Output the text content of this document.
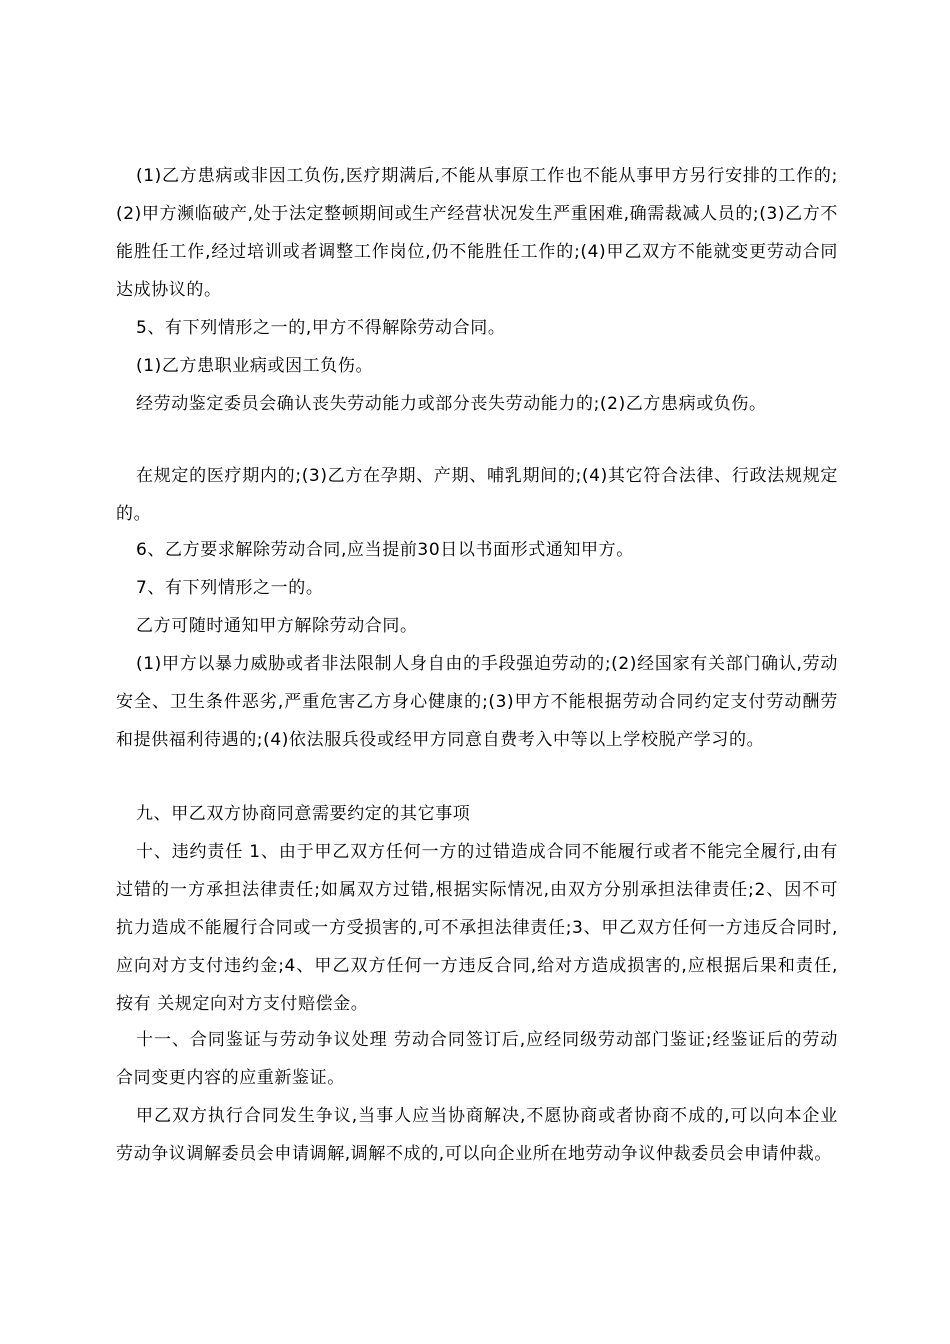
(1)乙方患病或非因工负伤,医疗期满后,不能从事原工作也不能从事甲方另行安排的工作的;(2)甲方濒临破产,处于法定整顿期间或生产经营状况发生严重困难,确需裁减人员的;(3)乙方不能胜任工作,经过培训或者调整工作岗位,仍不能胜任工作的;(4)甲乙双方不能就变更劳动合同达成协议的。

5、有下列情形之一的,甲方不得解除劳动合同。

(1)乙方患职业病或因工负伤。

经劳动鉴定委员会确认丧失劳动能力或部分丧失劳动能力的;(2)乙方患病或负伤。

在规定的医疗期内的;(3)乙方在孕期、产期、哺乳期间的;(4)其它符合法律、行政法规规定的。

6、乙方要求解除劳动合同,应当提前30日以书面形式通知甲方。

7、有下列情形之一的。

乙方可随时通知甲方解除劳动合同。

(1)甲方以暴力威胁或者非法限制人身自由的手段强迫劳动的;(2)经国家有关部门确认,劳动安全、卫生条件恶劣,严重危害乙方身心健康的;(3)甲方不能根据劳动合同约定支付劳动酬劳和提供福利待遇的;(4)依法服兵役或经甲方同意自费考入中等以上学校脱产学习的。

九、甲乙双方协商同意需要约定的其它事项

十、违约责任 1、由于甲乙双方任何一方的过错造成合同不能履行或者不能完全履行,由有 过错的一方承担法律责任;如属双方过错,根据实际情况,由双方分别承担法律责任;2、因不可抗力造成不能履行合同或一方受损害的,可不承担法律责任;3、甲乙双方任何一方违反合同时,应向对方支付违约金;4、甲乙双方任何一方违反合同,给对方造成损害的,应根据后果和责任,按有 关规定向对方支付赔偿金。

十一、合同鉴证与劳动争议处理 劳动合同签订后,应经同级劳动部门鉴证;经鉴证后的劳动合同变更内容的应重新鉴证。

甲乙双方执行合同发生争议,当事人应当协商解决,不愿协商或者协商不成的,可以向本企业劳动争议调解委员会申请调解,调解不成的,可以向企业所在地劳动争议仲裁委员会申请仲裁。
